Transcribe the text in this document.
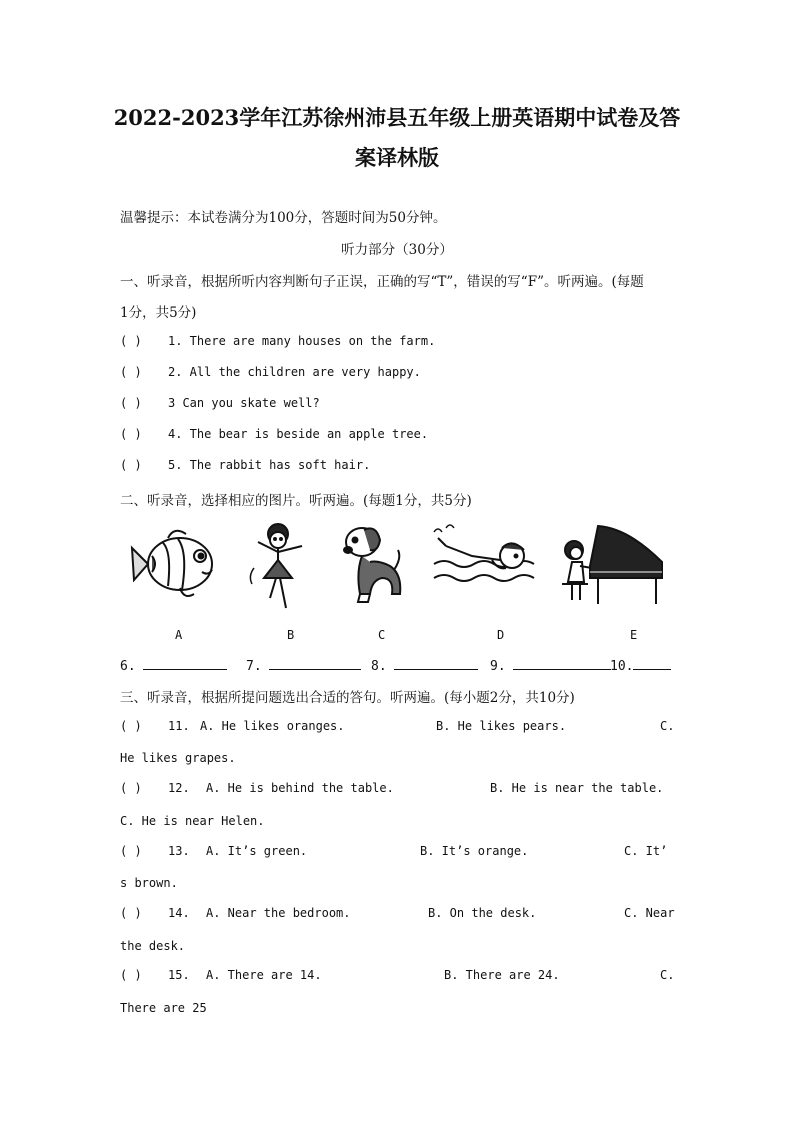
2022-2023学年江苏徐州沛县五年级上册英语期中试卷及答
案译林版
温馨提示：本试卷满分为100分，答题时间为50分钟。
听力部分（30分）
一、听录音，根据所听内容判断句子正误，正确的写“T”，错误的写“F”。听两遍。(每题
1分，共5分)
( ) 1. There are many houses on the farm.
( ) 2. All the children are very happy.
( ) 3 Can you skate well?
( ) 4. The bear is beside an apple tree.
( ) 5. The rabbit has soft hair.
二、听录音，选择相应的图片。听两遍。(每题1分，共5分)
A	B	C	D	E
6.	7.	8.	9.	10.
三、听录音，根据所提问题选出合适的答句。听两遍。(每小题2分，共10分)
( ) 11. A. He likes oranges.	B. He likes pears.	C.
He likes grapes.
( ) 12. A. He is behind the table.	B. He is near the table.
C. He is near Helen.
( ) 13. A. It’s green.	B. It’s orange.	C. It’
s brown.
( ) 14. A. Near the bedroom.	B. On the desk.	C. Near
the desk.
( ) 15. A. There are 14.	B. There are 24.	C.
There are 25
